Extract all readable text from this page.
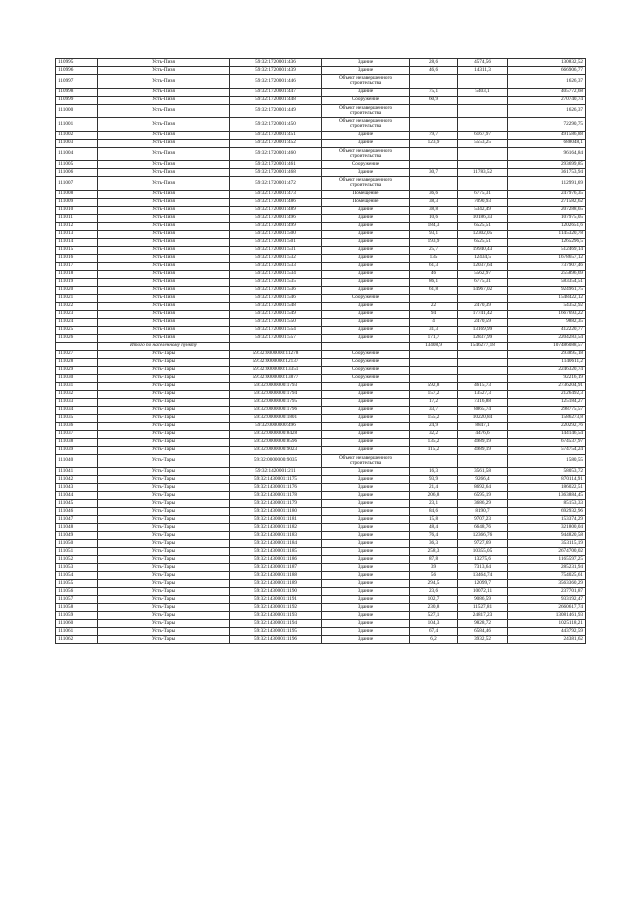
110995	Усть-Пизя	59:32:1720001:436	Здание	28,6	4574,56	130832,52
110996	Усть-Пизя	59:32:1720001:439	Здание	46,6	14311,3	666906,77
110997	Усть-Пизя	59:32:1720001:446	Объект незавершенного строительства			1626,37
110998	Усть-Пизя	59:32:1720001:447	Здание	75,1	5403,1	405772,68
110999	Усть-Пизя	59:32:1720001:448	Сооружение	60,9		270740,74
111000	Усть-Пизя	59:32:1720001:449	Объект незавершенного строительства			1626,37
111001	Усть-Пизя	59:32:1720001:450	Объект незавершенного строительства			72290,75
111002	Усть-Пизя	59:32:1720001:451	Здание	79,7	6167,97	491586,88
111003	Усть-Пизя	59:32:1720001:452	Здание	123,9	5553,25	688048,1
111004	Усть-Пизя	59:32:1720001:460	Объект незавершенного строительства			96164,84
111005	Усть-Пизя	59:32:1720001:461	Сооружение			293699,85
111006	Усть-Пизя	59:32:1720001:468	Здание	30,7	11783,52	361753,94
111007	Усть-Пизя	59:32:1720001:472	Объект незавершенного строительства			112991,69
111008	Усть-Пизя	59:32:1720001:473	Помещение	36,6	6775,31	247976,35
111009	Усть-Пизя	59:32:1720001:486	Помещение	38,3	7090,93	271582,62
111010	Усть-Пизя	59:32:1720001:489	Здание	38,8	5342,49	207288,65
111011	Усть-Пизя	59:32:1720001:496	Здание	10,6	10186,33	107975,05
111012	Усть-Пизя	59:32:1720001:499	Здание	184,3	6525,51	1202651,6
111013	Усть-Пизя	59:32:1720001:500	Здание	93,1	12302,05	1145320,78
111014	Усть-Пизя	59:32:1720001:501	Здание	193,9	6525,51	1265296,5
111015	Усть-Пизя	59:32:1720001:531	Здание	25,7	19940,43	512469,14
111016	Усть-Пизя	59:32:1720001:532	Здание	135	12434,5	1678657,12
111017	Усть-Пизя	59:32:1720001:533	Здание	61,3	12037,64	737907,46
111018	Усть-Пизя	59:32:1720001:534	Здание	46	5562,97	255896,69
111019	Усть-Пизя	59:32:1720001:535	Здание	86,1	6775,31	583354,51
111020	Усть-Пизя	59:32:1720001:536	Здание	61,8	14967,02	924961,75
111021	Усть-Пизя	59:32:1720001:546	Сооружение			1548422,12
111022	Усть-Пизя	59:32:1720001:548	Здание	22	2470,39	54352,92
111023	Усть-Пизя	59:32:1720001:549	Здание	94	17741,42	1667693,22
111024	Усть-Пизя	59:32:1720001:550	Здание	4	2470,59	9882,35
111025	Усть-Пизя	59:32:1720001:554	Здание	31,3	13169,99	412220,77
111026	Усть-Пизя	59:32:1720001:557	Здание	171,7	12837,99	2204283,54
	Итого по населенному пункту			13408,9	1546277,18	107486088,57
111027	Усть-Тары	59:32:0000000:11278	Сооружение			293895,18
111028	Усть-Тары	59:32:0000000:12137	Сооружение			1140611,2
111029	Усть-Тары	59:32:0000000:13351	Сооружение			2246320,74
111030	Усть-Тары	59:32:0000000:13877	Сооружение			92216,19
111031	Усть-Тары	59:32:0000000:1793	Здание	592,8	4615,73	2736204,91
111032	Усть-Тары	59:32:0000000:1794	Здание	157,2	13527,3	2126492,3
111033	Усть-Тары	59:32:0000000:1795	Здание	17,2	7316,88	125184,27
111034	Усть-Тары	59:32:0000000:1796	Здание	33,7	8865,74	298775,57
111035	Усть-Тары	59:32:0000000:1801	Здание	155,2	10220,84	1586273,8
111036	Усть-Тары	59:32:0000000:496	Здание	24,9	8847,1	220292,76
111037	Усть-Тары	59:32:0000000:8428	Здание	32,2	4476,6	144146,54
111038	Усть-Тары	59:32:0000000:8596	Здание	135,2	4989,19	674537,97
111039	Усть-Тары	59:32:0000000:9023	Здание	115,2	4989,19	574754,24
111040	Усть-Тары	59:32:0000000:9035	Объект незавершенного строительства			1580,55
111041	Усть-Тары	59:32:1420001:211	Здание	16,3	3561,58	58053,72
111042	Усть-Тары	59:32:1430001:1175	Здание	93,9	9266,4	870114,91
111043	Усть-Тары	59:32:1430001:1176	Здание	21,4	8692,64	186022,51
111044	Усть-Тары	59:32:1430001:1178	Здание	206,8	6595,19	1363884,45
111045	Усть-Тары	59:32:1430001:1179	Здание	23,1	3686,29	85153,33
111046	Усть-Тары	59:32:1430001:1180	Здание	84,6	8190,7	692932,96
111047	Усть-Тары	59:32:1430001:1181	Здание	15,8	9707,23	153374,29
111048	Усть-Тары	59:32:1430001:1182	Здание	48,4	6648,76	321800,04
111049	Усть-Тары	59:32:1430001:1183	Здание	76,4	12366,76	944820,58
111050	Усть-Тары	59:32:1430001:1184	Здание	36,3	9727,69	353115,19
111051	Усть-Тары	59:32:1430001:1185	Здание	258,3	10355,05	2674700,02
111052	Усть-Тары	59:32:1430001:1186	Здание	87,8	13275,6	1165597,25
111053	Усть-Тары	59:32:1430001:1187	Здание	39	7313,64	285231,94
111054	Усть-Тары	59:32:1430001:1188	Здание	56	13464,74	754025,61
111055	Усть-Тары	59:32:1430001:1189	Здание	294,5	12099,7	3563360,29
111056	Усть-Тары	59:32:1430001:1190	Здание	23,6	10072,11	237701,87
111057	Усть-Тары	59:32:1430001:1191	Здание	102,7	9086,59	933192,47
111058	Усть-Тары	59:32:1430001:1192	Здание	230,8	11527,81	2660617,74
111059	Усть-Тары	59:32:1430001:1193	Здание	527,1	24817,23	13081461,93
111060	Усть-Тары	59:32:1430001:1194	Здание	104,3	9828,72	1025118,21
111061	Усть-Тары	59:32:1430001:1195	Здание	67,4	6584,46	443792,59
111062	Усть-Тары	59:32:1430001:1196	Здание	6,2	3932,52	24381,62
